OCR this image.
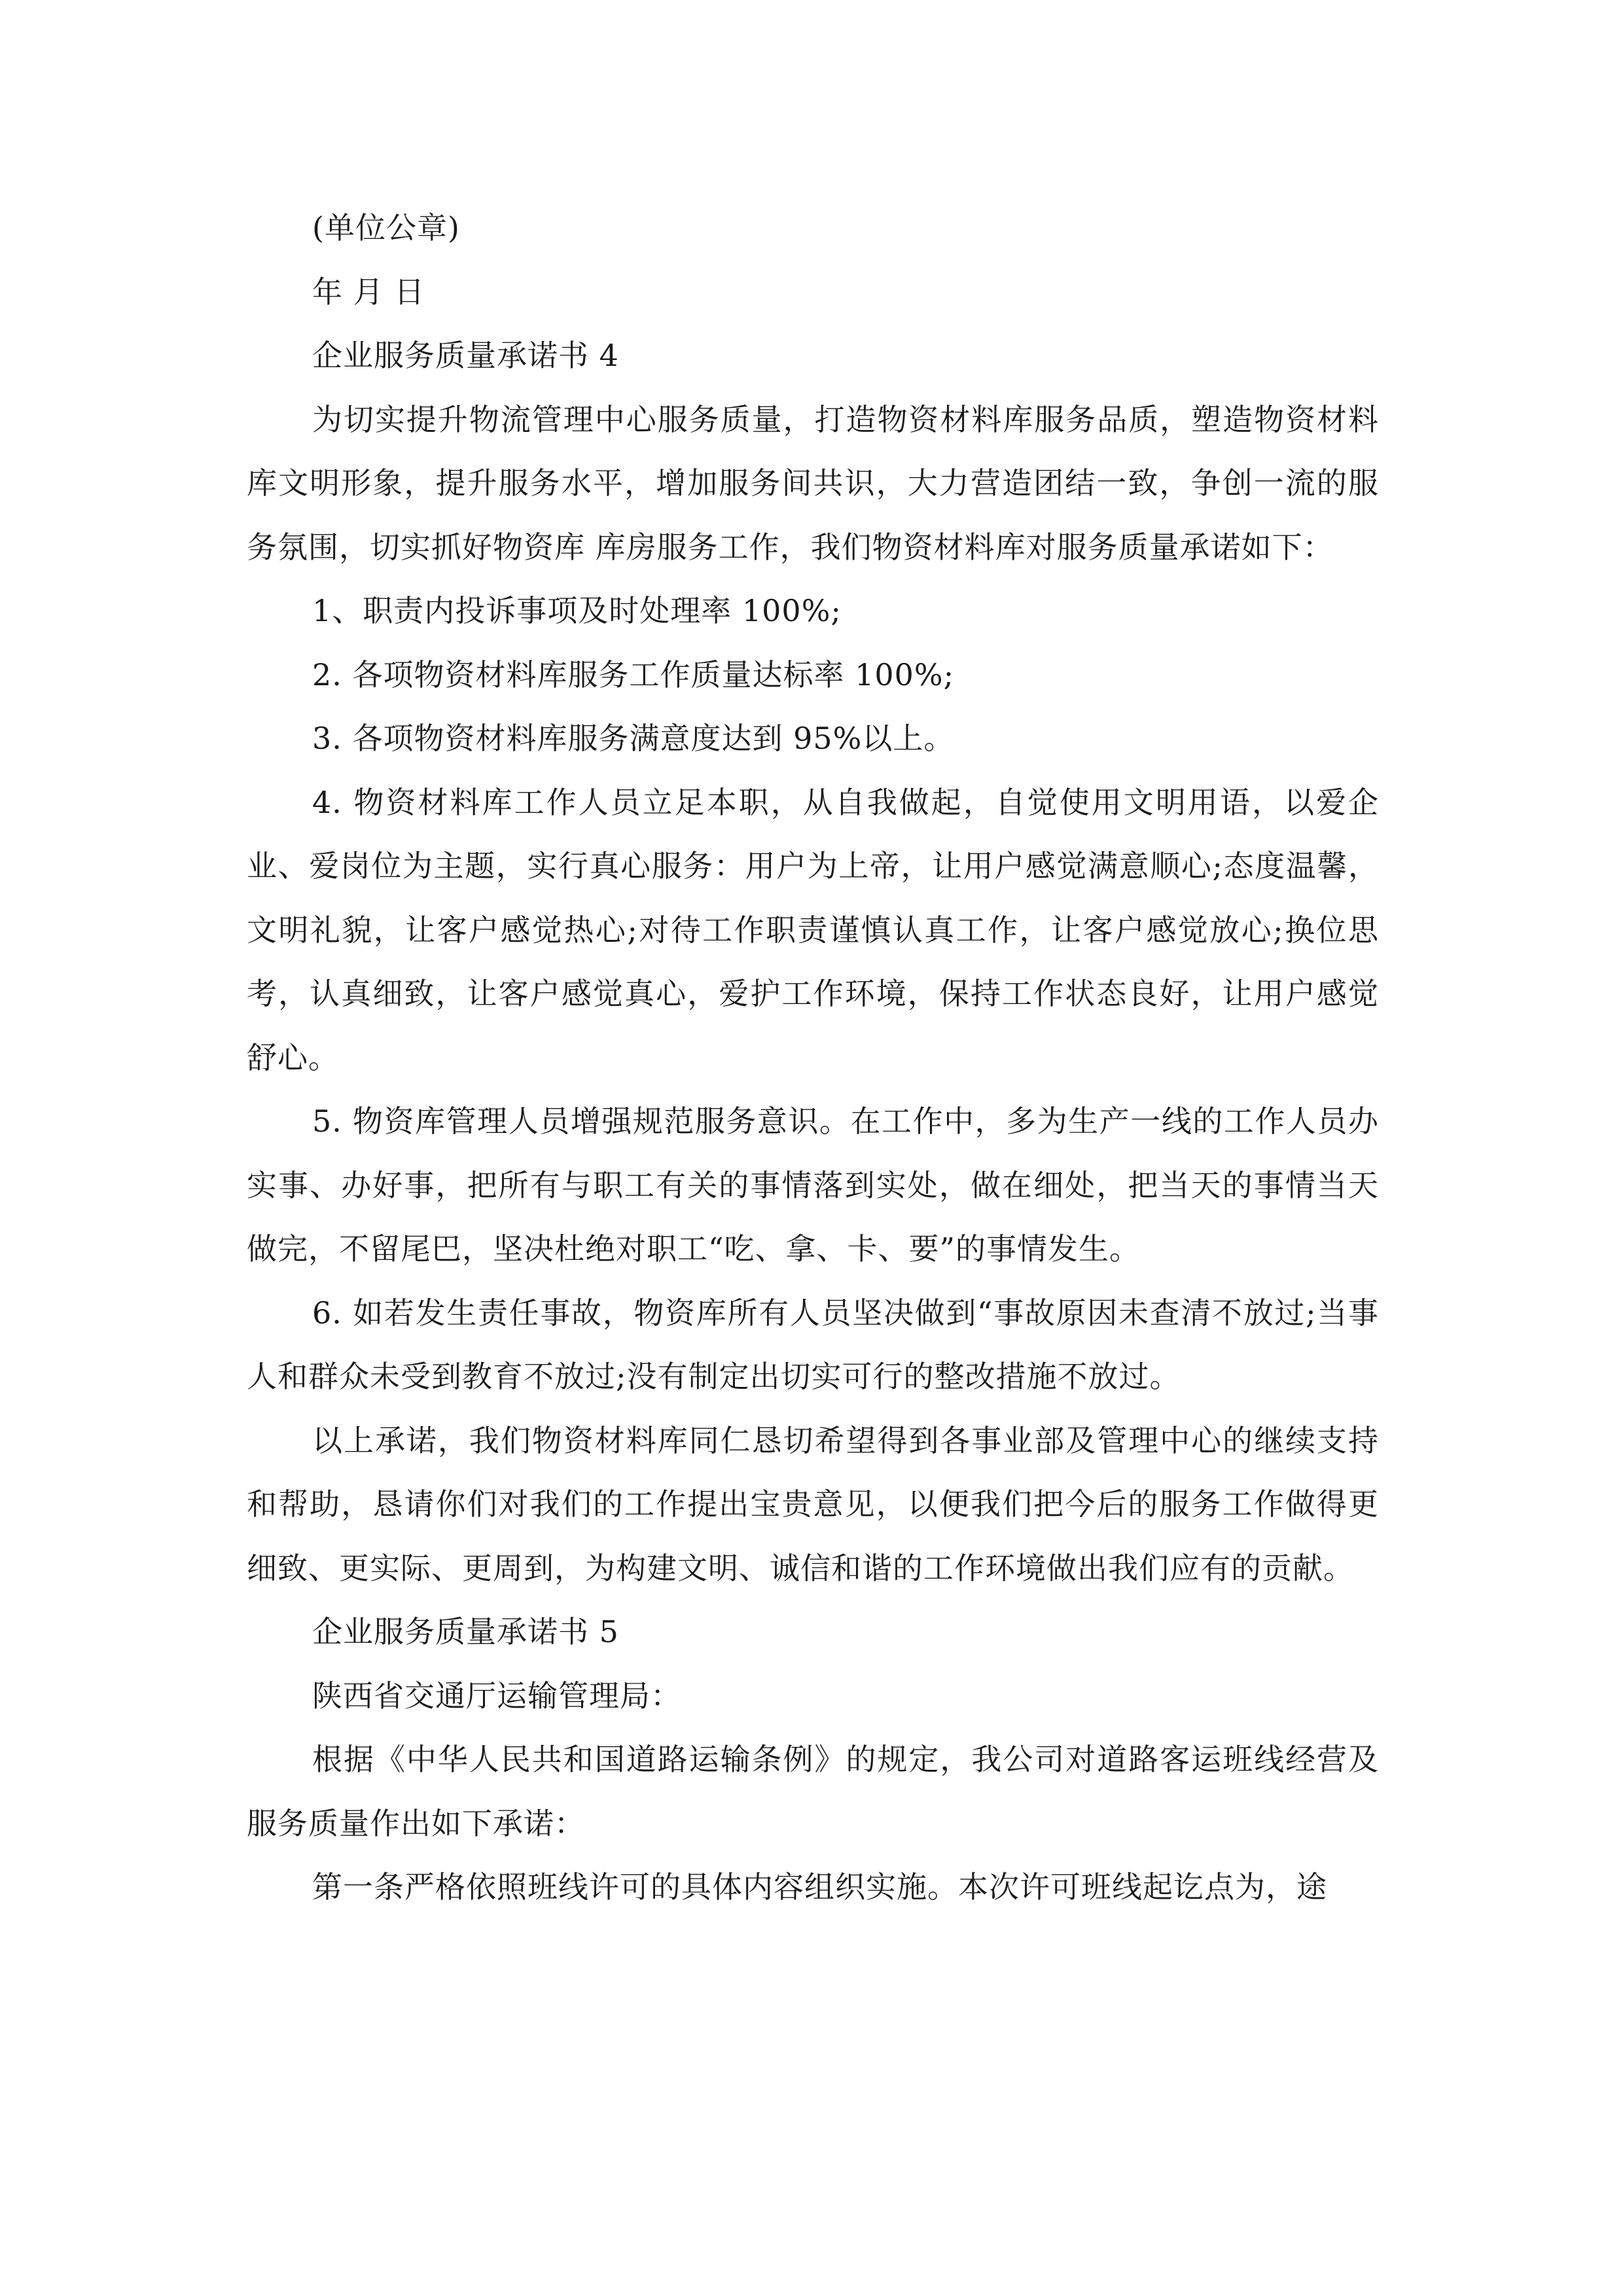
(单位公章)

年 月 日

企业服务质量承诺书 4

为切实提升物流管理中心服务质量，打造物资材料库服务品质，塑造物资材料库文明形象，提升服务水平，增加服务间共识，大力营造团结一致，争创一流的服务氛围，切实抓好物资库 库房服务工作，我们物资材料库对服务质量承诺如下：

1、职责内投诉事项及时处理率 100%;

2. 各项物资材料库服务工作质量达标率 100%;

3. 各项物资材料库服务满意度达到 95%以上。

4. 物资材料库工作人员立足本职，从自我做起，自觉使用文明用语，以爱企业、爱岗位为主题，实行真心服务：用户为上帝，让用户感觉满意顺心;态度温馨，文明礼貌，让客户感觉热心;对待工作职责谨慎认真工作，让客户感觉放心;换位思考，认真细致，让客户感觉真心，爱护工作环境，保持工作状态良好，让用户感觉舒心。

5. 物资库管理人员增强规范服务意识。在工作中，多为生产一线的工作人员办实事、办好事，把所有与职工有关的事情落到实处，做在细处，把当天的事情当天做完，不留尾巴，坚决杜绝对职工“吃、拿、卡、要”的事情发生。

6. 如若发生责任事故，物资库所有人员坚决做到“事故原因未查清不放过;当事人和群众未受到教育不放过;没有制定出切实可行的整改措施不放过。

以上承诺，我们物资材料库同仁恳切希望得到各事业部及管理中心的继续支持和帮助，恳请你们对我们的工作提出宝贵意见，以便我们把今后的服务工作做得更细致、更实际、更周到，为构建文明、诚信和谐的工作环境做出我们应有的贡献。

企业服务质量承诺书 5

陕西省交通厅运输管理局：

根据《中华人民共和国道路运输条例》的规定，我公司对道路客运班线经营及服务质量作出如下承诺：

第一条严格依照班线许可的具体内容组织实施。本次许可班线起讫点为，途
